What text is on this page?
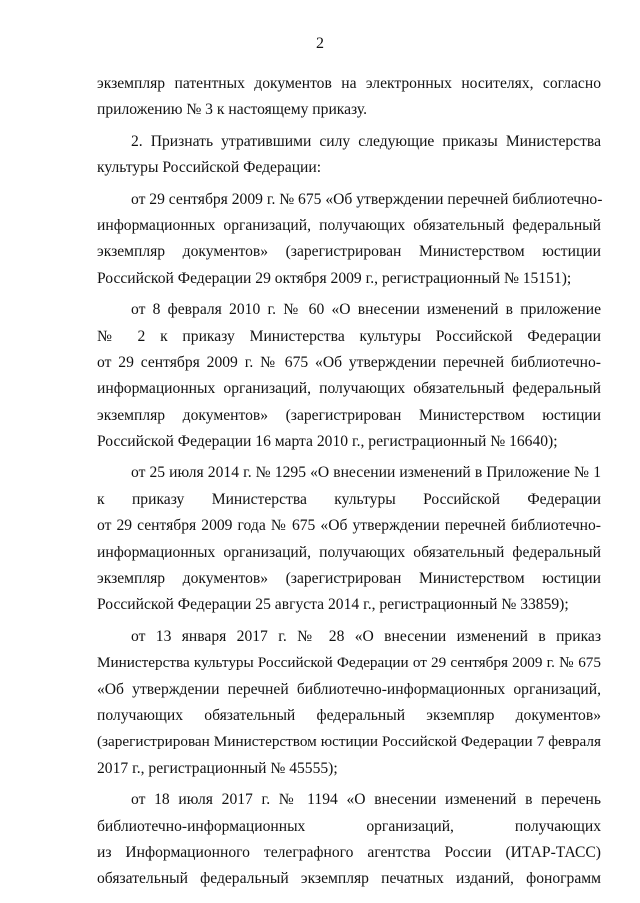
2
экземпляр патентных документов на электронных носителях, согласно
приложению № 3 к настоящему приказу.
2. Признать утратившими силу следующие приказы Министерства
культуры Российской Федерации:
от 29 сентября 2009 г. № 675 «Об утверждении перечней библиотечно-
информационных организаций, получающих обязательный федеральный
экземпляр документов» (зарегистрирован Министерством юстиции
Российской Федерации 29 октября 2009 г., регистрационный № 15151);
от 8 февраля 2010 г. № 60 «О внесении изменений в приложение
№ 2 к приказу Министерства культуры Российской Федерации
от 29 сентября 2009 г. № 675 «Об утверждении перечней библиотечно-
информационных организаций, получающих обязательный федеральный
экземпляр документов» (зарегистрирован Министерством юстиции
Российской Федерации 16 марта 2010 г., регистрационный № 16640);
от 25 июля 2014 г. № 1295 «О внесении изменений в Приложение № 1
к приказу Министерства культуры Российской Федерации
от 29 сентября 2009 года № 675 «Об утверждении перечней библиотечно-
информационных организаций, получающих обязательный федеральный
экземпляр документов» (зарегистрирован Министерством юстиции
Российской Федерации 25 августа 2014 г., регистрационный № 33859);
от 13 января 2017 г. № 28 «О внесении изменений в приказ
Министерства культуры Российской Федерации от 29 сентября 2009 г. № 675
«Об утверждении перечней библиотечно-информационных организаций,
получающих обязательный федеральный экземпляр документов»
(зарегистрирован Министерством юстиции Российской Федерации 7 февраля
2017 г., регистрационный № 45555);
от 18 июля 2017 г. № 1194 «О внесении изменений в перечень
библиотечно-информационных организаций, получающих
из Информационного телеграфного агентства России (ИТАР-ТАСС)
обязательный федеральный экземпляр печатных изданий, фонограмм
